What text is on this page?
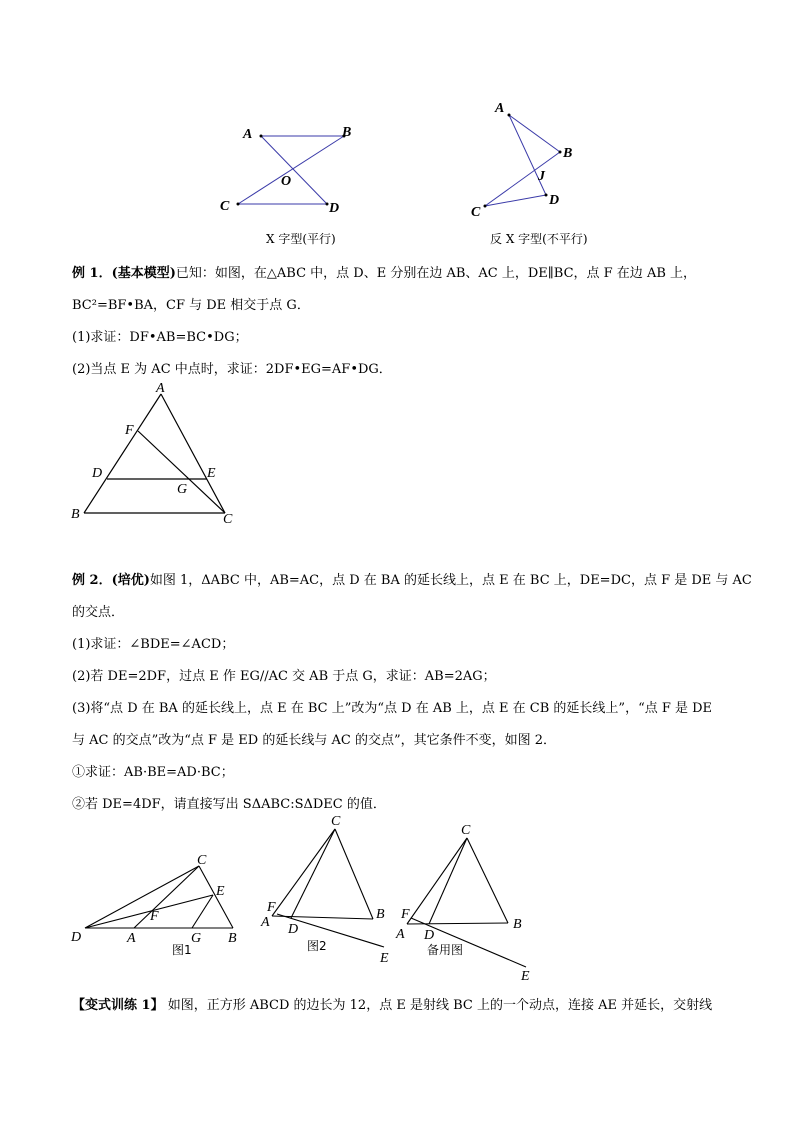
A	B
C	D
O
X 字型(平行)
A
B
C
D
J
反 X 字型(不平行)
例 1．(基本模型)已知：如图，在△ABC 中，点 D、E 分别在边 AB、AC 上，DE∥BC，点 F 在边 AB 上，
BC²=BF•BA，CF 与 DE 相交于点 G．
(1)求证：DF•AB=BC•DG；
(2)当点 E 为 AC 中点时，求证：2DF•EG=AF•DG．
A
F
D	E
G
B	C
例 2．(培优)如图 1，ΔABC 中，AB=AC，点 D 在 BA 的延长线上，点 E 在 BC 上，DE=DC，点 F 是 DE 与 AC
的交点．
(1)求证：∠BDE=∠ACD；
(2)若 DE=2DF，过点 E 作 EG//AC 交 AB 于点 G，求证：AB=2AG；
(3)将“点 D 在 BA 的延长线上，点 E 在 BC 上”改为“点 D 在 AB 上，点 E 在 CB 的延长线上”，“点 F 是 DE
与 AC 的交点”改为“点 F 是 ED 的延长线与 AC 的交点”，其它条件不变，如图 2．
①求证：AB·BE=AD·BC；
②若 DE=4DF，请直接写出 SΔABC:SΔDEC 的值．
D	A	G B
C
E
F
图1
C
F
A D
B
E
图2
C
F
A D
B
E
备用图
【变式训练 1】 如图，正方形 ABCD 的边长为 12，点 E 是射线 BC 上的一个动点，连接 AE 并延长，交射线
